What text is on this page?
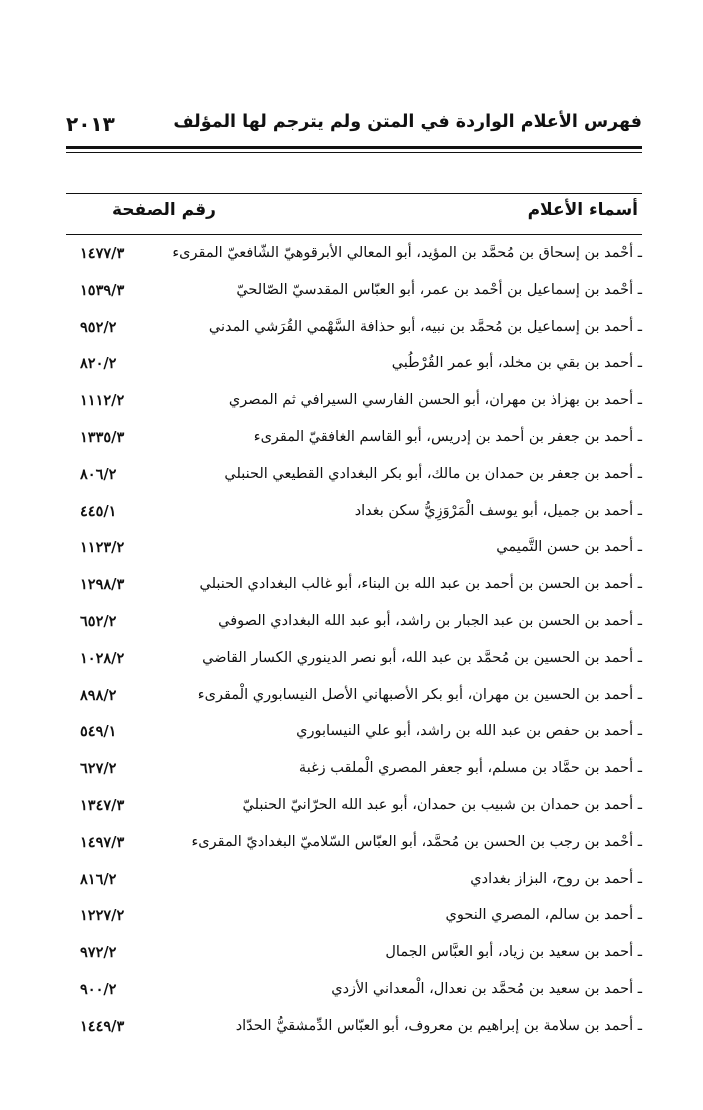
فهرس الأعلام الواردة في المتن ولم يترجم لها المؤلف
٢٠١٣
أسماء الأعلام
رقم الصفحة
ـ أحْمد بن إسحاق بن مُحمَّد بن المؤيد، أبو المعالي الأبرقوهيّ الشّافعيّ المقرىء
١٤٧٧/٣
ـ أحْمد بن إسماعيل بن أحْمد بن عمر، أبو العبّاس المقدسيّ الصّالحيّ
١٥٣٩/٣
ـ أحمد بن إسماعيل بن مُحمَّد بن نبيه، أبو حذافة السَّهْمي القُرَشي المدني
٩٥٢/٢
ـ أحمد بن بقي بن مخلد، أبو عمر القُرْطُبي
٨٢٠/٢
ـ أحمد بن بهزاذ بن مهران، أبو الحسن الفارسي السيرافي ثم المصري
١١١٢/٢
ـ أحمد بن جعفر بن أحمد بن إدريس، أبو القاسم الغافقيّ المقرىء
١٣٣٥/٣
ـ أحمد بن جعفر بن حمدان بن مالك، أبو بكر البغدادي القطيعي الحنبلي
٨٠٦/٢
ـ أحمد بن جميل، أبو يوسف الْمَرْوَزِيُّ سكن بغداد
٤٤٥/١
ـ أحمد بن حسن التَّميمي
١١٢٣/٢
ـ أحمد بن الحسن بن أحمد بن عبد الله بن البناء، أبو غالب البغدادي الحنبلي
١٢٩٨/٣
ـ أحمد بن الحسن بن عبد الجبار بن راشد، أبو عبد الله البغدادي الصوفي
٦٥٢/٢
ـ أحمد بن الحسين بن مُحمَّد بن عبد الله، أبو نصر الدينوري الكسار القاضي
١٠٢٨/٢
ـ أحمد بن الحسين بن مهران، أبو بكر الأصبهاني الأصل النيسابوري الْمقرىء
٨٩٨/٢
ـ أحمد بن حفص بن عبد الله بن راشد، أبو علي النيسابوري
٥٤٩/١
ـ أحمد بن حمَّاد بن مسلم، أبو جعفر المصري الْملقب زغبة
٦٢٧/٢
ـ أحمد بن حمدان بن شبيب بن حمدان، أبو عبد الله الحرّانيّ الحنبليّ
١٣٤٧/٣
ـ أحْمد بن رجب بن الحسن بن مُحمَّد، أبو العبّاس السّلاميّ البغداديّ المقرىء
١٤٩٧/٣
ـ أحمد بن روح، البزاز بغدادي
٨١٦/٢
ـ أحمد بن سالم، المصري النحوي
١٢٢٧/٢
ـ أحمد بن سعيد بن زياد، أبو العبَّاس الجمال
٩٧٢/٢
ـ أحمد بن سعيد بن مُحمَّد بن نعدال، الْمعداني الأزدي
٩٠٠/٢
ـ أحمد بن سلامة بن إبراهيم بن معروف، أبو العبّاس الدِّمشقيُّ الحدّاد
١٤٤٩/٣
